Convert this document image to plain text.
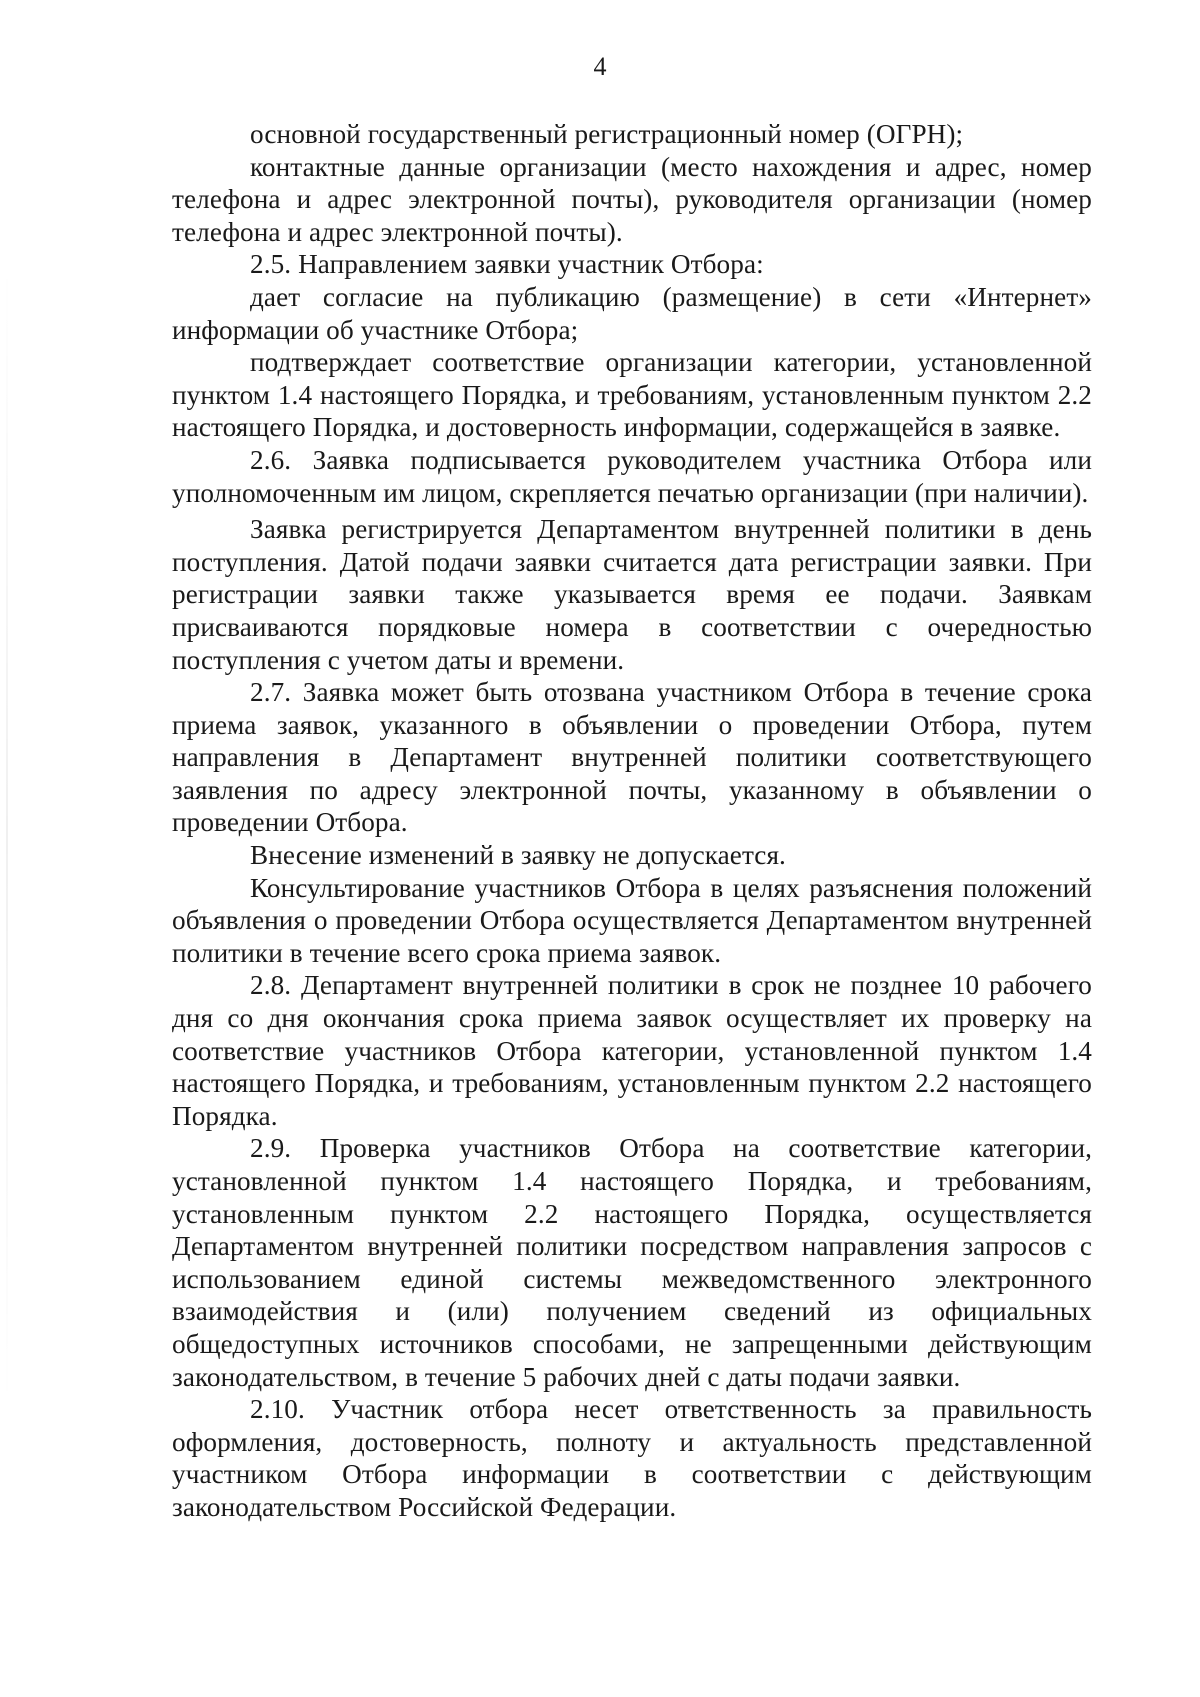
4

основной государственный регистрационный номер (ОГРН);

контактные данные организации (место нахождения и адрес, номер телефона и адрес электронной почты), руководителя организации (номер телефона и адрес электронной почты).

2.5. Направлением заявки участник Отбора:

дает согласие на публикацию (размещение) в сети «Интернет» информации об участнике Отбора;

подтверждает соответствие организации категории, установленной пунктом 1.4 настоящего Порядка, и требованиям, установленным пунктом 2.2 настоящего Порядка, и достоверность информации, содержащейся в заявке.

2.6. Заявка подписывается руководителем участника Отбора или уполномоченным им лицом, скрепляется печатью организации (при наличии).

Заявка регистрируется Департаментом внутренней политики в день поступления. Датой подачи заявки считается дата регистрации заявки. При регистрации заявки также указывается время ее подачи. Заявкам присваиваются порядковые номера в соответствии с очередностью поступления с учетом даты и времени.

2.7. Заявка может быть отозвана участником Отбора в течение срока приема заявок, указанного в объявлении о проведении Отбора, путем направления в Департамент внутренней политики соответствующего заявления по адресу электронной почты, указанному в объявлении о проведении Отбора.

Внесение изменений в заявку не допускается.

Консультирование участников Отбора в целях разъяснения положений объявления о проведении Отбора осуществляется Департаментом внутренней политики в течение всего срока приема заявок.

2.8. Департамент внутренней политики в срок не позднее 10 рабочего дня со дня окончания срока приема заявок осуществляет их проверку на соответствие участников Отбора категории, установленной пунктом 1.4 настоящего Порядка, и требованиям, установленным пунктом 2.2 настоящего Порядка.

2.9. Проверка участников Отбора на соответствие категории, установленной пунктом 1.4 настоящего Порядка, и требованиям, установленным пунктом 2.2 настоящего Порядка, осуществляется Департаментом внутренней политики посредством направления запросов с использованием единой системы межведомственного электронного взаимодействия и (или) получением сведений из официальных общедоступных источников способами, не запрещенными действующим законодательством, в течение 5 рабочих дней с даты подачи заявки.

2.10. Участник отбора несет ответственность за правильность оформления, достоверность, полноту и актуальность представленной участником Отбора информации в соответствии с действующим законодательством Российской Федерации.
